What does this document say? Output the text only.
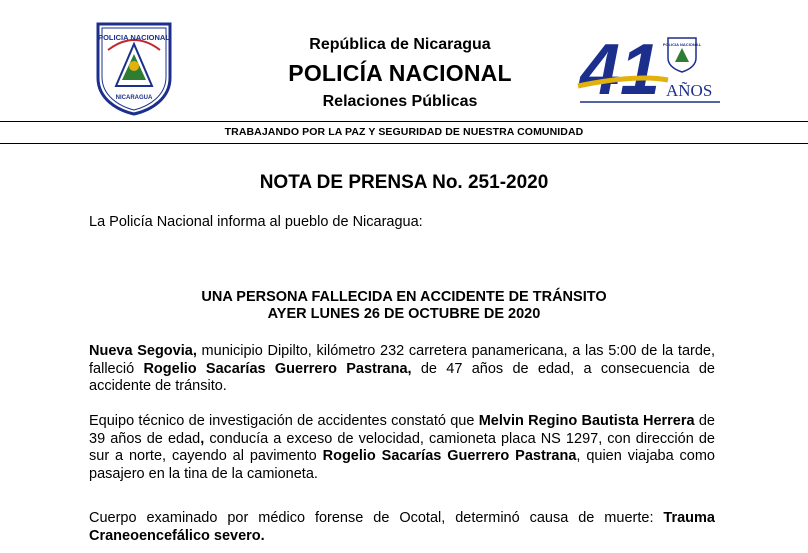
POLICIA NACIONAL
NICARAGUA
República de Nicaragua
POLICÍA NACIONAL
Relaciones Públicas	41 POLICIA NACIONAL
AÑOS
TRABAJANDO POR LA PAZ Y SEGURIDAD DE NUESTRA COMUNIDAD
NOTA DE PRENSA No. 251-2020
La Policía Nacional informa al pueblo de Nicaragua:
UNA PERSONA FALLECIDA EN ACCIDENTE DE TRÁNSITO
AYER LUNES 26 DE OCTUBRE DE 2020
Nueva Segovia, municipio Dipilto, kilómetro 232 carretera panamericana, a las 5:00 de la tarde, falleció Rogelio Sacarías Guerrero Pastrana, de 47 años de edad, a consecuencia de accidente de tránsito.
Equipo técnico de investigación de accidentes constató que Melvin Regino Bautista Herrera de 39 años de edad, conducía a exceso de velocidad, camioneta placa NS 1297, con dirección de sur a norte, cayendo al pavimento Rogelio Sacarías Guerrero Pastrana, quien viajaba como pasajero en la tina de la camioneta.
Cuerpo examinado por médico forense de Ocotal, determinó causa de muerte: Trauma Craneoencefálico severo.
